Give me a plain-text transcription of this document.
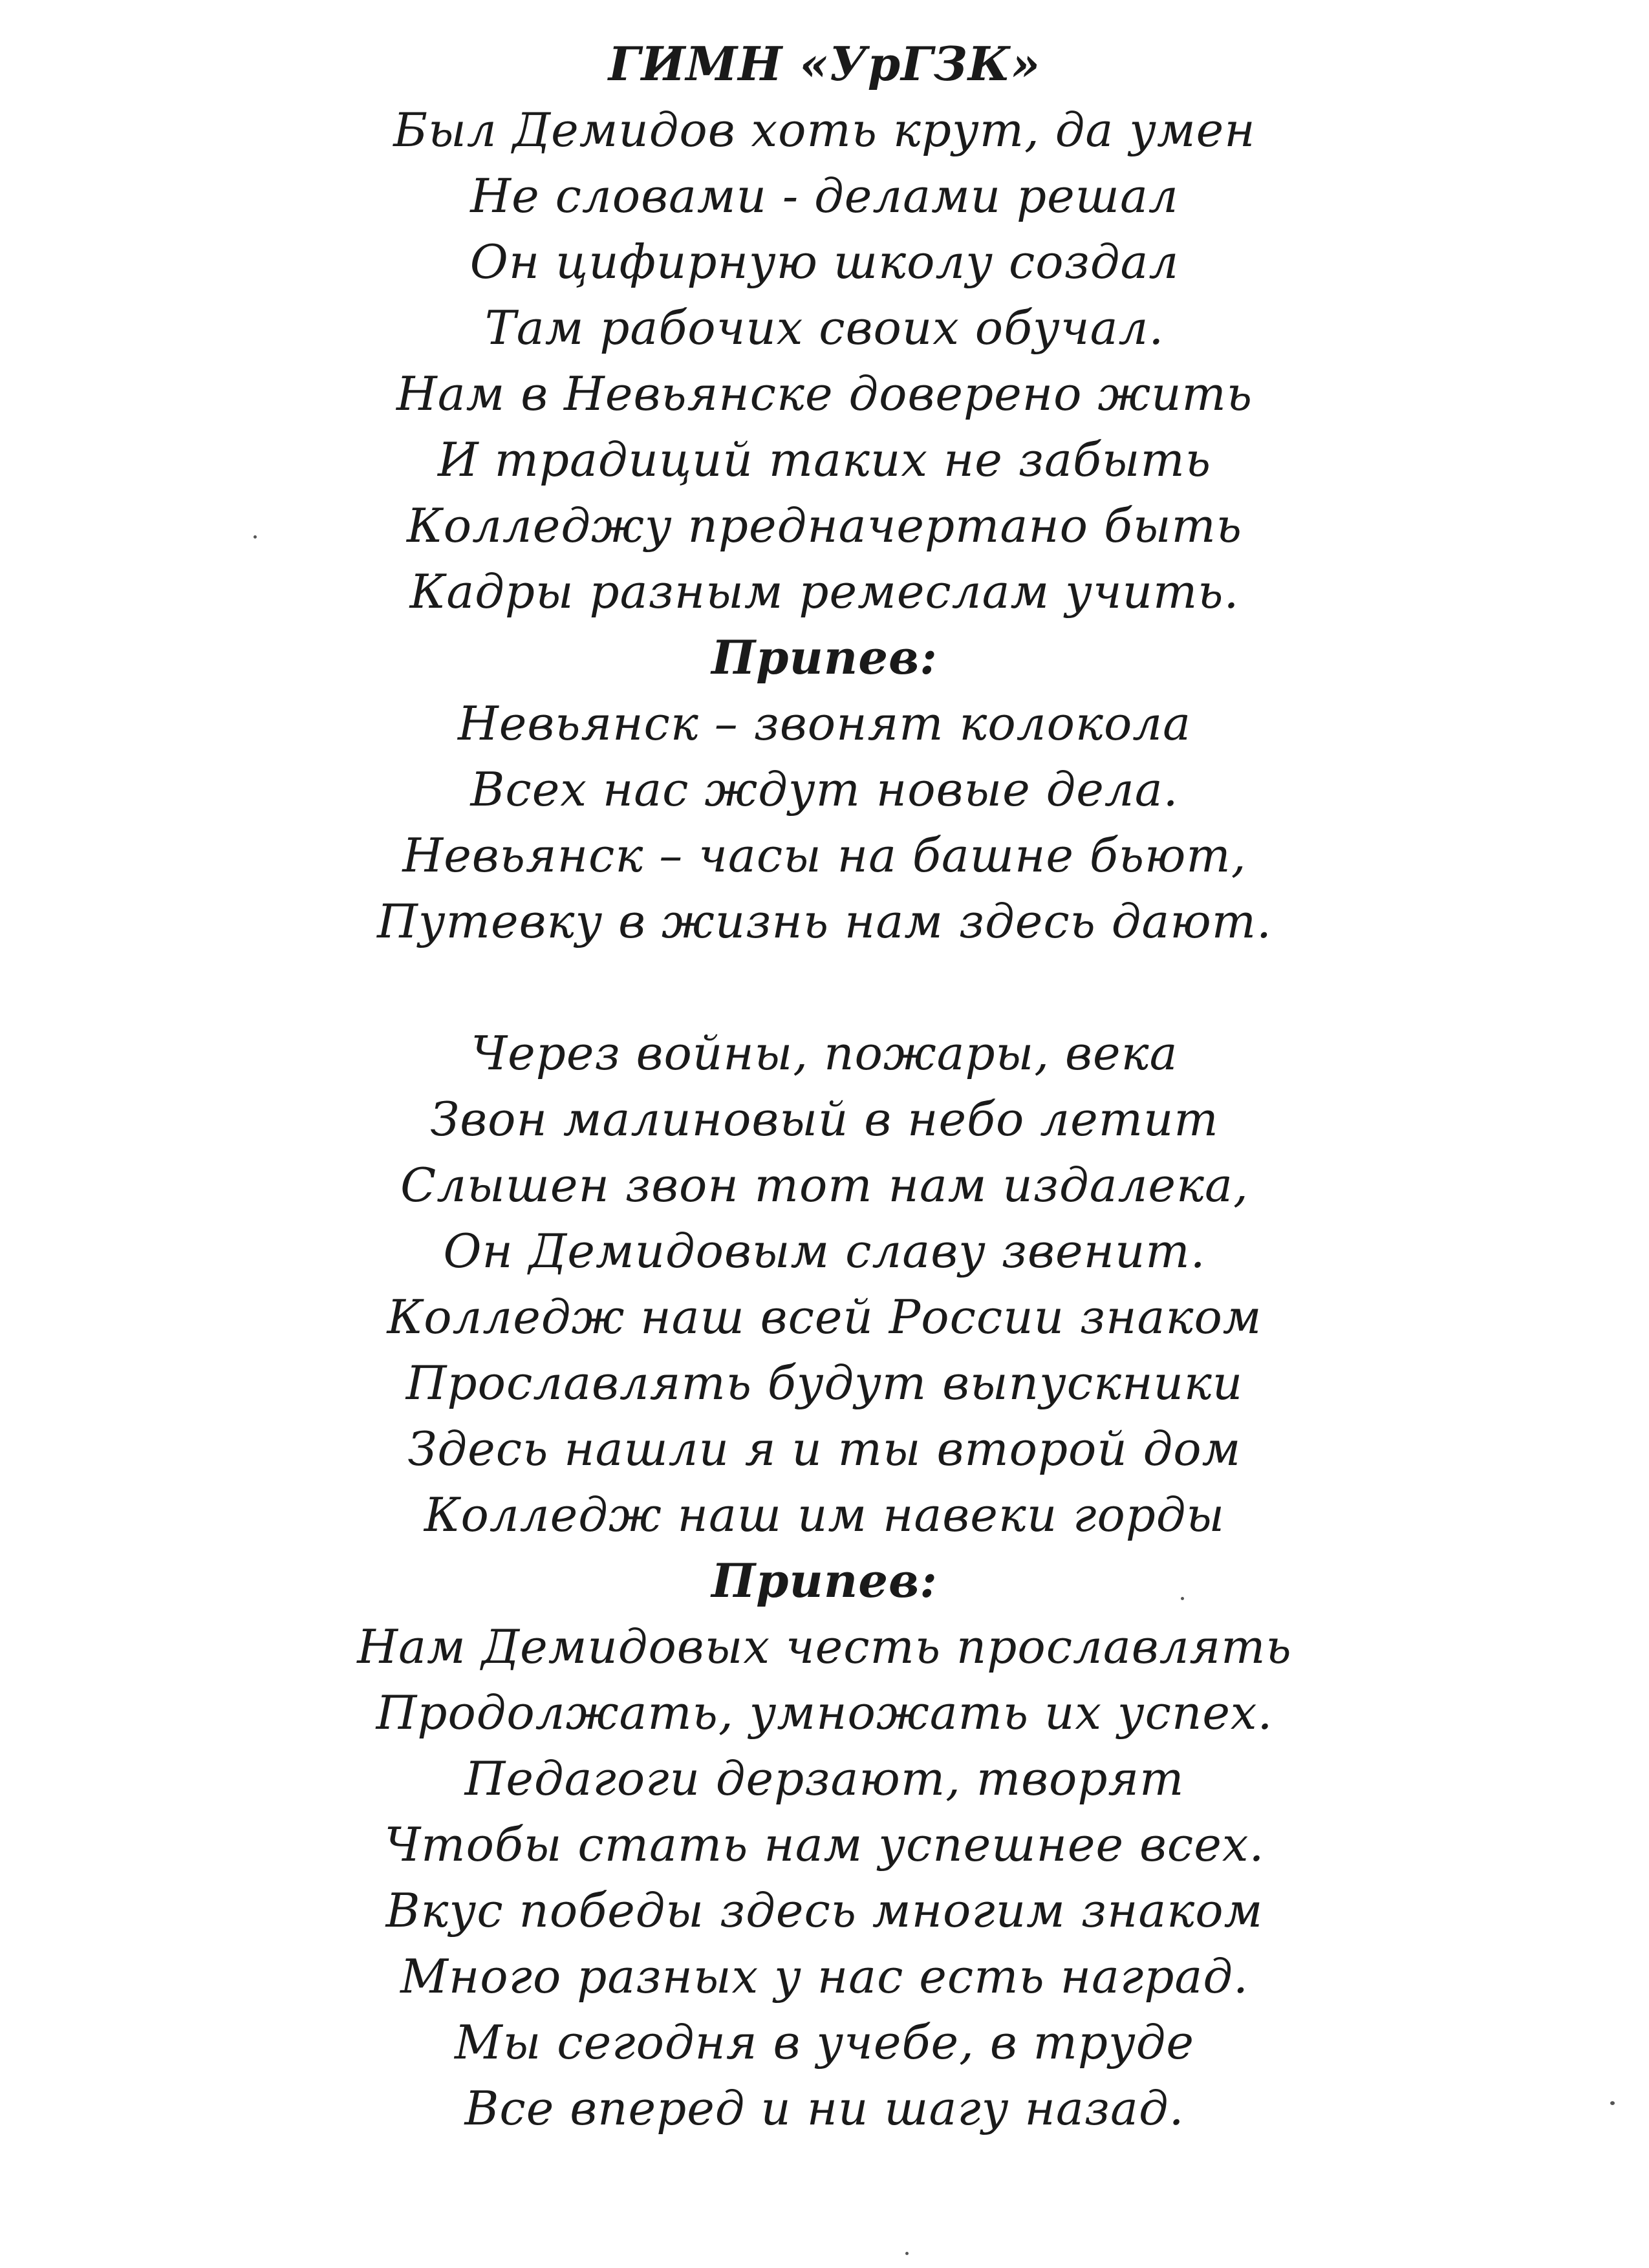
ГИМН «УрГЗК»
Был Демидов хоть крут, да умен
Не словами - делами решал
Он цифирную школу создал
Там рабочих своих обучал.
Нам в Невьянске доверено жить
И традиций таких не забыть
Колледжу предначертано быть
Кадры разным ремеслам учить.
Припев:
Невьянск – звонят колокола
Всех нас ждут новые дела.
Невьянск – часы на башне бьют,
Путевку в жизнь нам здесь дают.
Через войны, пожары, века
Звон малиновый в небо летит
Слышен звон тот нам издалека,
Он Демидовым славу звенит.
Колледж наш всей России знаком
Прославлять будут выпускники
Здесь нашли я и ты второй дом
Колледж наш им навеки горды
Припев:
Нам Демидовых честь прославлять
Продолжать, умножать их успех.
Педагоги дерзают, творят
Чтобы стать нам успешнее всех.
Вкус победы здесь многим знаком
Много разных у нас есть наград.
Мы сегодня в учебе, в труде
Все вперед и ни шагу назад.
